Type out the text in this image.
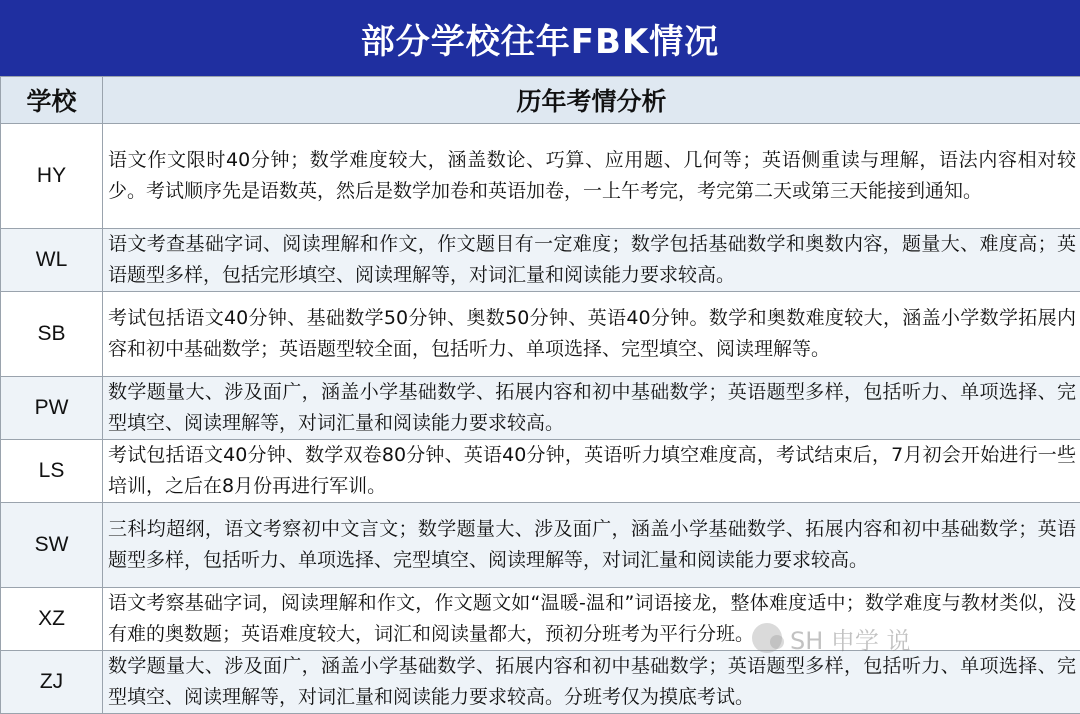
部分学校往年FBK情况
学校	历年考情分析
HY	语文作文限时40分钟；数学难度较大，涵盖数论、巧算、应用题、几何等；英语侧重读与理解，语法内容相对较少。考试顺序先是语数英，然后是数学加卷和英语加卷，一上午考完，考完第二天或第三天能接到通知。
WL	语文考查基础字词、阅读理解和作文，作文题目有一定难度；数学包括基础数学和奥数内容，题量大、难度高；英语题型多样，包括完形填空、阅读理解等，对词汇量和阅读能力要求较高。
SB	考试包括语文40分钟、基础数学50分钟、奥数50分钟、英语40分钟。数学和奥数难度较大，涵盖小学数学拓展内容和初中基础数学；英语题型较全面，包括听力、单项选择、完型填空、阅读理解等。
PW	数学题量大、涉及面广，涵盖小学基础数学、拓展内容和初中基础数学；英语题型多样，包括听力、单项选择、完型填空、阅读理解等，对词汇量和阅读能力要求较高。
LS	考试包括语文40分钟、数学双卷80分钟、英语40分钟，英语听力填空难度高，考试结束后，7月初会开始进行一些培训，之后在8月份再进行军训。
SW	三科均超纲，语文考察初中文言文；数学题量大、涉及面广，涵盖小学基础数学、拓展内容和初中基础数学；英语题型多样，包括听力、单项选择、完型填空、阅读理解等，对词汇量和阅读能力要求较高。
XZ	语文考察基础字词，阅读理解和作文，作文题文如“温暖-温和”词语接龙，整体难度适中；数学难度与教材类似，没有难的奥数题；英语难度较大，词汇和阅读量都大，预初分班考为平行分班。
ZJ	数学题量大、涉及面广，涵盖小学基础数学、拓展内容和初中基础数学；英语题型多样，包括听力、单项选择、完型填空、阅读理解等，对词汇量和阅读能力要求较高。分班考仅为摸底考试。
SH 申学 说
